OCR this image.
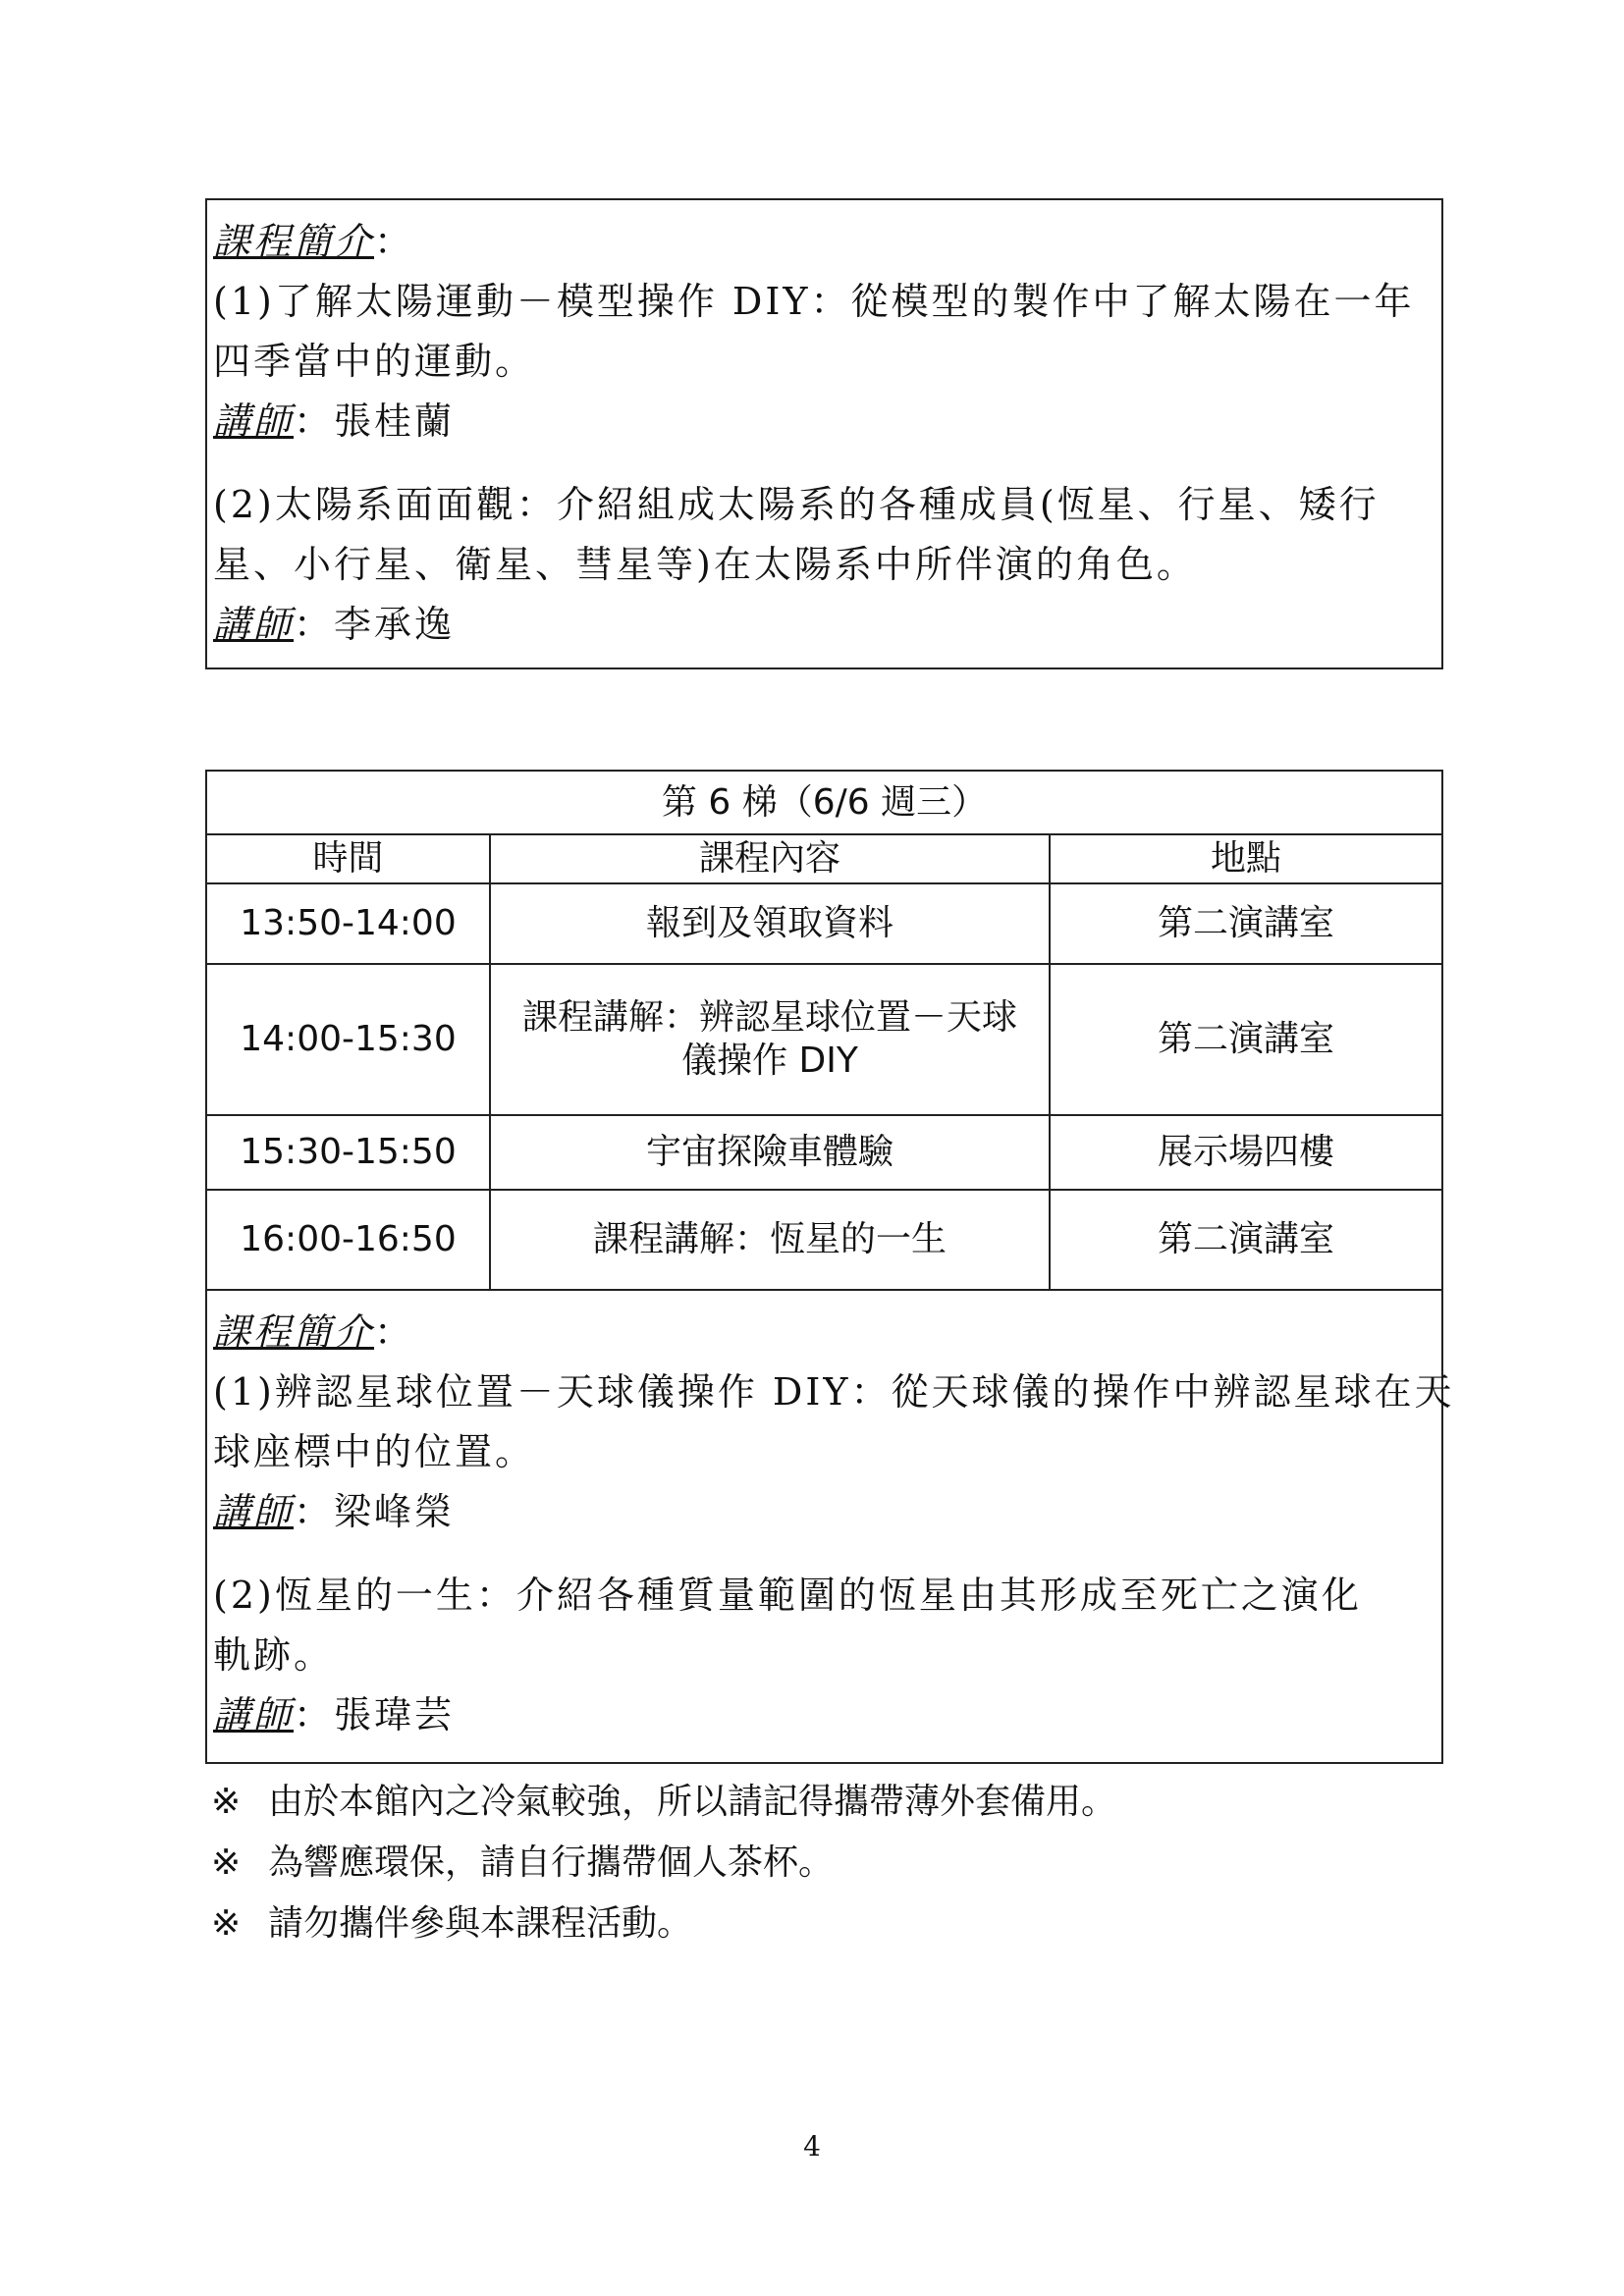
課程簡介：
(1)了解太陽運動－模型操作 DIY：從模型的製作中了解太陽在一年
四季當中的運動。
講師：張桂蘭
(2)太陽系面面觀：介紹組成太陽系的各種成員(恆星、行星、矮行
星、小行星、衛星、彗星等)在太陽系中所伴演的角色。
講師：李承逸
第 6 梯（6/6 週三）		
時間	課程內容	地點
13:50-14:00	報到及領取資料	第二演講室
14:00-15:30	課程講解：辨認星球位置－天球
儀操作 DIY	第二演講室
15:30-15:50	宇宙探險車體驗	展示場四樓
16:00-16:50	課程講解：恆星的一生	第二演講室
課程簡介：
(1)辨認星球位置－天球儀操作 DIY：從天球儀的操作中辨認星球在天
球座標中的位置。
講師：梁峰榮
(2)恆星的一生：介紹各種質量範圍的恆星由其形成至死亡之演化
軌跡。
講師：張瑋芸
※ 由於本館內之冷氣較強，所以請記得攜帶薄外套備用。
※ 為響應環保，請自行攜帶個人茶杯。
※ 請勿攜伴參與本課程活動。
4
